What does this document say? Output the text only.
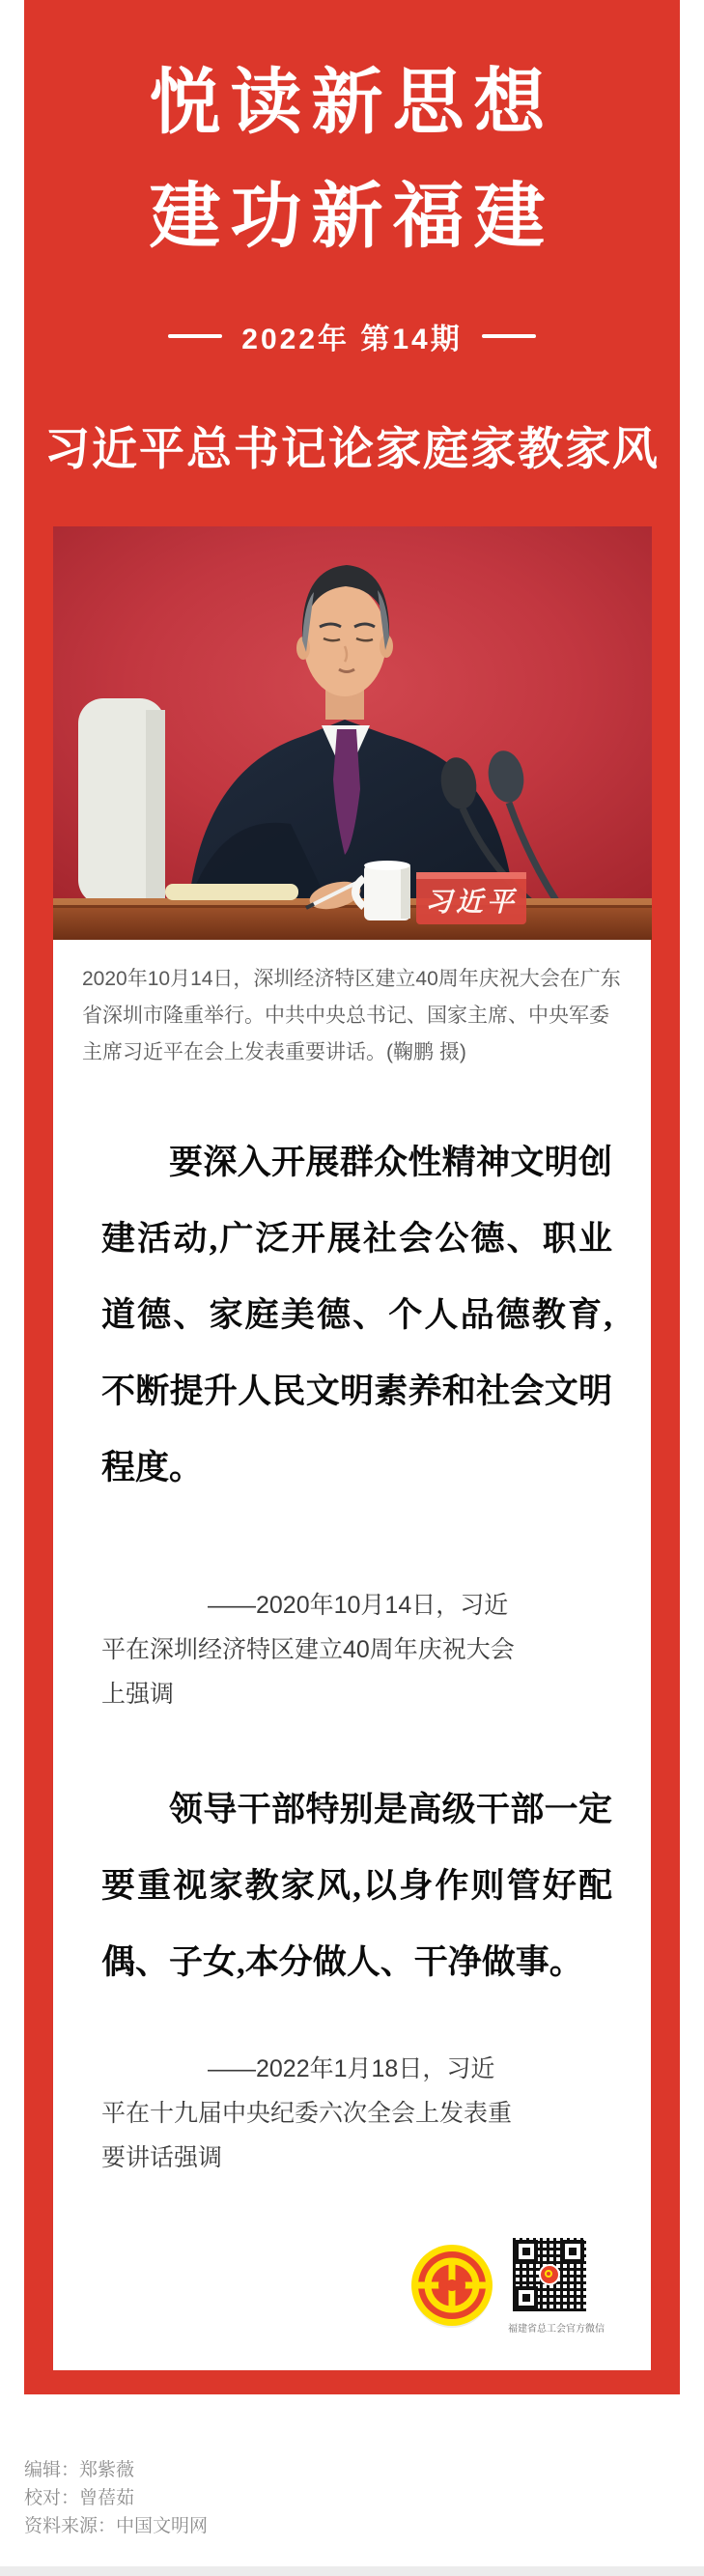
悦读新思想
建功新福建
2022年 第14期
习近平总书记论家庭家教家风
习近平

2020年10月14日，深圳经济特区建立40周年庆祝大会在广东省深圳市隆重举行。中共中央总书记、国家主席、中央军委主席习近平在会上发表重要讲话。(鞠鹏 摄)

要深入开展群众性精神文明创建活动,广泛开展社会公德、职业道德、家庭美德、个人品德教育,不断提升人民文明素养和社会文明程度。

——2020年10月14日，习近平在深圳经济特区建立40周年庆祝大会上强调

领导干部特别是高级干部一定要重视家教家风,以身作则管好配偶、子女,本分做人、干净做事。

——2022年1月18日，习近平在十九届中央纪委六次全会上发表重要讲话强调

福建省总工会官方微信

编辑：郑紫薇

校对：曾蓓茹

资料来源：中国文明网
